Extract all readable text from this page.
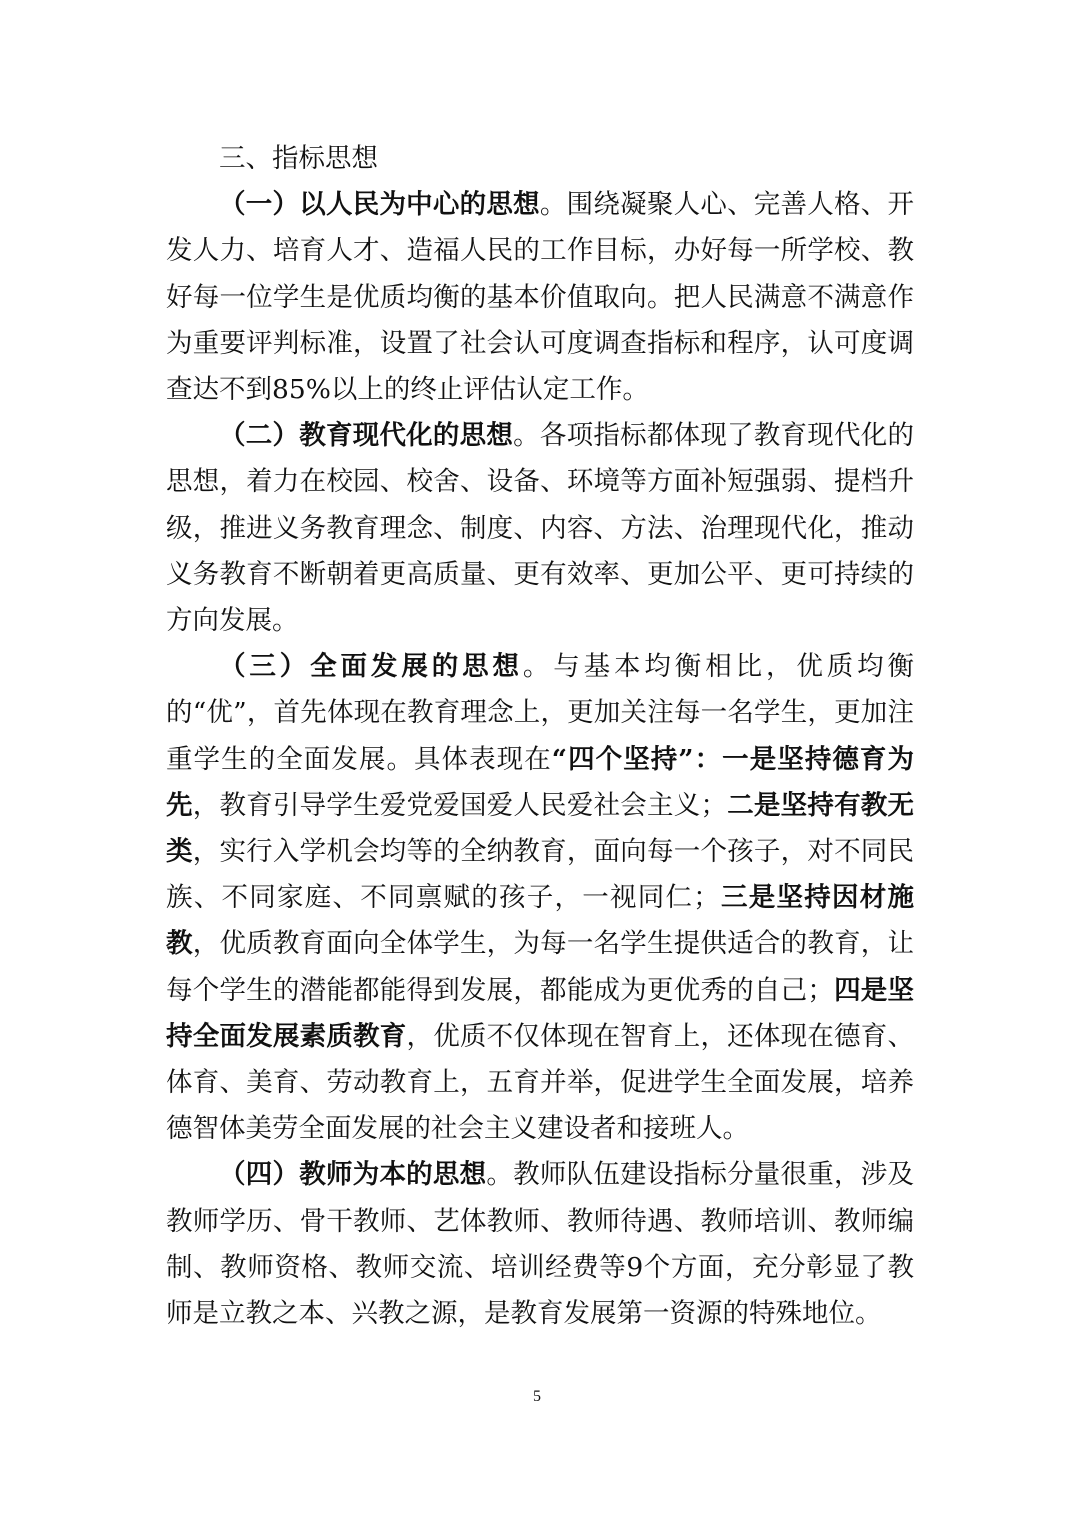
三、指标思想

（一）以人民为中心的思想。围绕凝聚人心、完善人格、开发人力、培育人才、造福人民的工作目标，办好每一所学校、教好每一位学生是优质均衡的基本价值取向。把人民满意不满意作为重要评判标准，设置了社会认可度调查指标和程序，认可度调查达不到85%以上的终止评估认定工作。

（二）教育现代化的思想。各项指标都体现了教育现代化的思想，着力在校园、校舍、设备、环境等方面补短强弱、提档升级，推进义务教育理念、制度、内容、方法、治理现代化，推动义务教育不断朝着更高质量、更有效率、更加公平、更可持续的方向发展。

（三）全面发展的思想。与基本均衡相比，优质均衡的“优”，首先体现在教育理念上，更加关注每一名学生，更加注重学生的全面发展。具体表现在“四个坚持”：一是坚持德育为先，教育引导学生爱党爱国爱人民爱社会主义；二是坚持有教无类，实行入学机会均等的全纳教育，面向每一个孩子，对不同民族、不同家庭、不同禀赋的孩子，一视同仁；三是坚持因材施教，优质教育面向全体学生，为每一名学生提供适合的教育，让每个学生的潜能都能得到发展，都能成为更优秀的自己；四是坚持全面发展素质教育，优质不仅体现在智育上，还体现在德育、体育、美育、劳动教育上，五育并举，促进学生全面发展，培养德智体美劳全面发展的社会主义建设者和接班人。

（四）教师为本的思想。教师队伍建设指标分量很重，涉及教师学历、骨干教师、艺体教师、教师待遇、教师培训、教师编制、教师资格、教师交流、培训经费等9个方面，充分彰显了教师是立教之本、兴教之源，是教育发展第一资源的特殊地位。

5
